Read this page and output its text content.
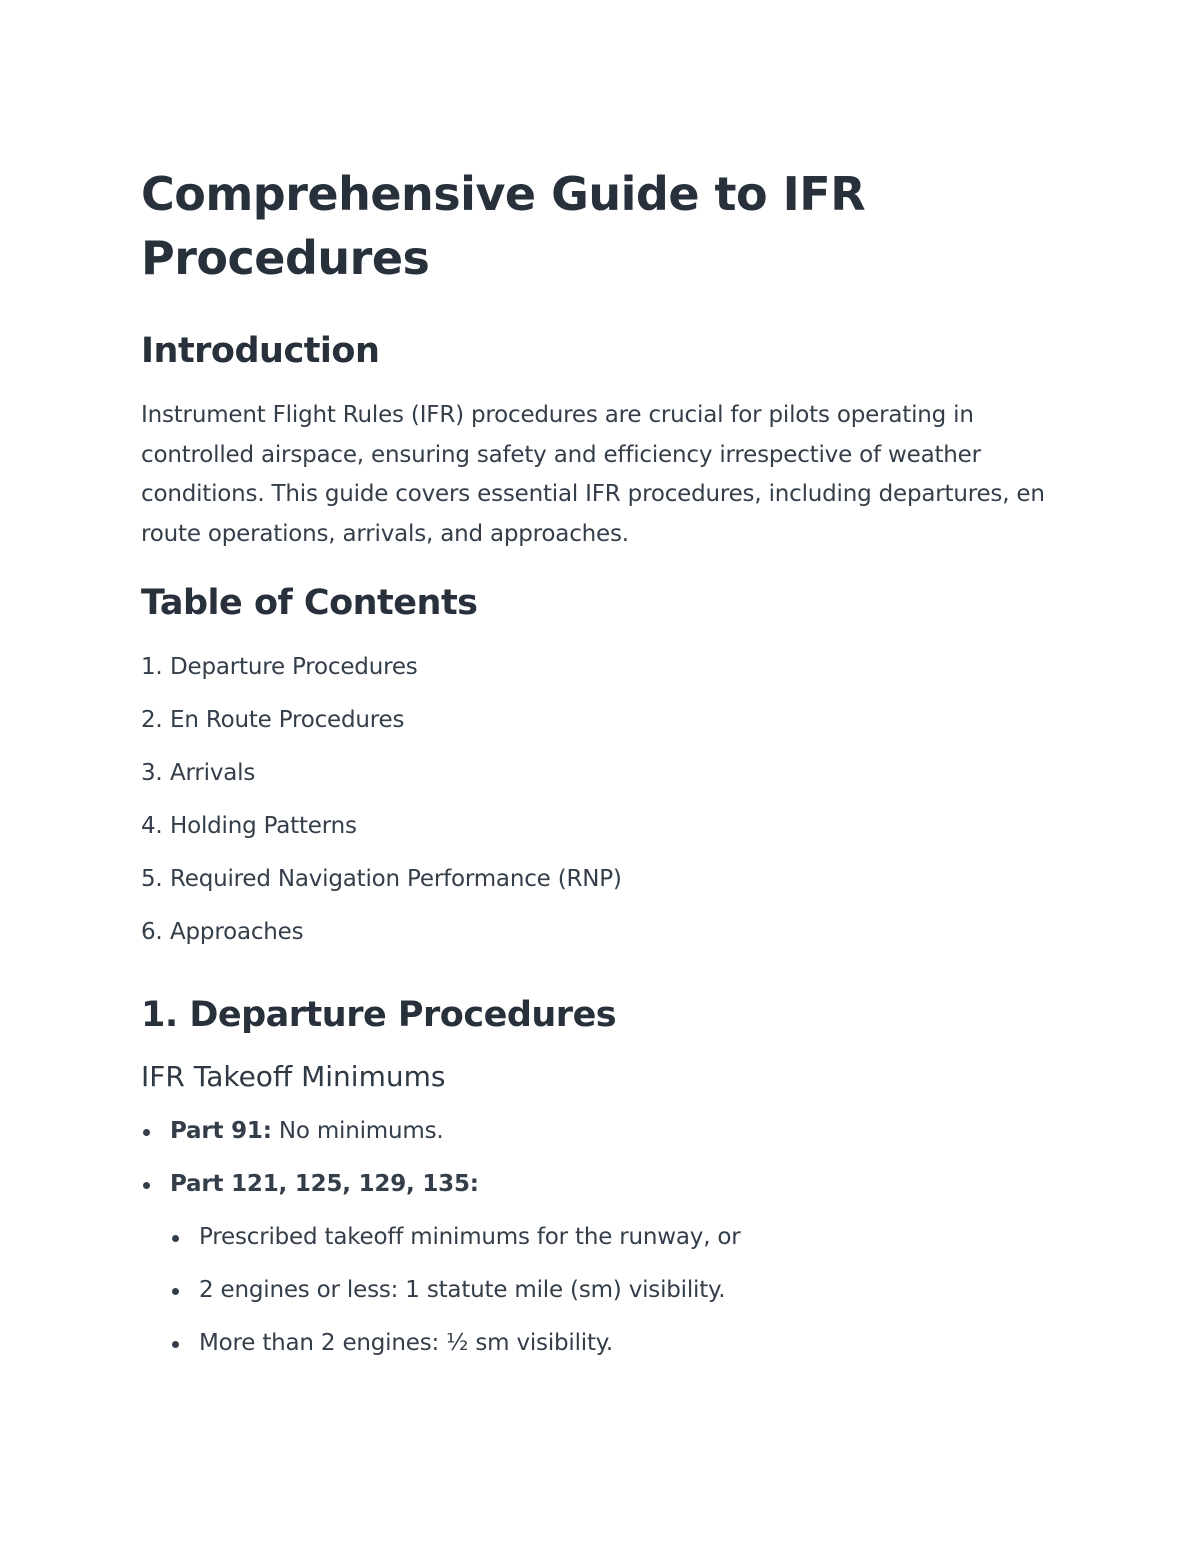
Comprehensive Guide to IFR Procedures
Introduction

Instrument Flight Rules (IFR) procedures are crucial for pilots operating in controlled airspace, ensuring safety and efficiency irrespective of weather conditions. This guide covers essential IFR procedures, including departures, en route operations, arrivals, and approaches.

Table of Contents
1. Departure Procedures
2. En Route Procedures
3. Arrivals
4. Holding Patterns
5. Required Navigation Performance (RNP)
6. Approaches
1. Departure Procedures
IFR Takeoff Minimums
Part 91: No minimums.
Part 121, 125, 129, 135:
Prescribed takeoff minimums for the runway, or
2 engines or less: 1 statute mile (sm) visibility.
More than 2 engines: ½ sm visibility.
